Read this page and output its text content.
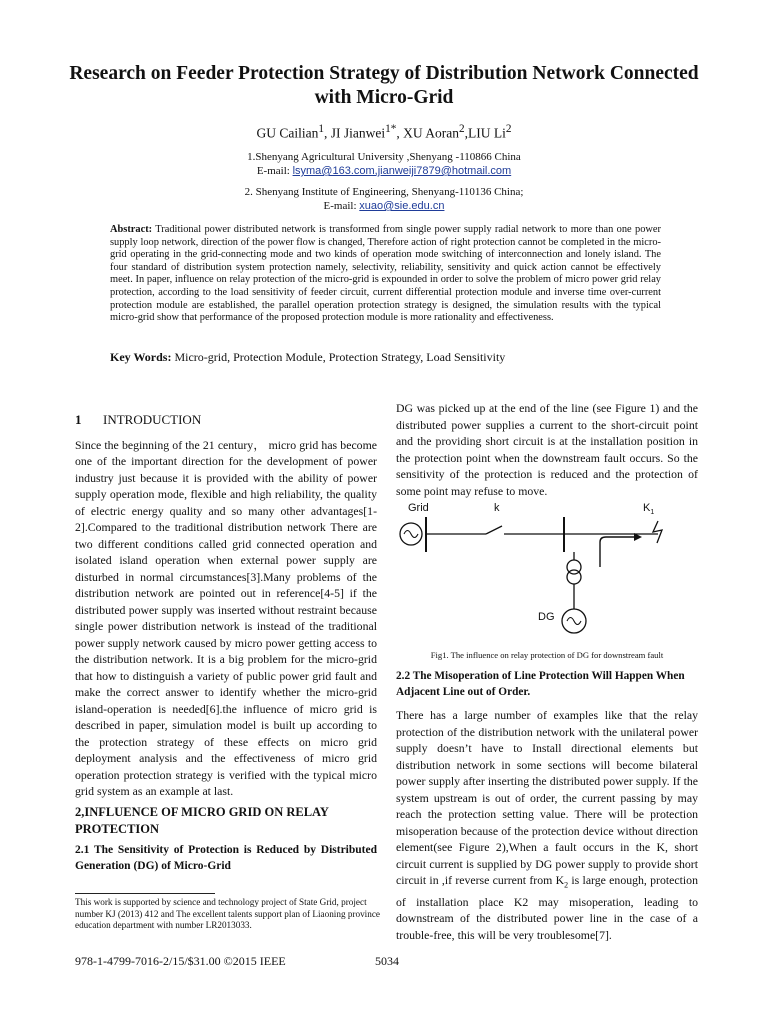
Research on Feeder Protection Strategy of Distribution Network Connected with Micro-Grid
GU Cailian$^1$, JI Jianwei$^{1*}$, XU Aoran$^2$,LIU Li$^2$
1.Shenyang Agricultural University ,Shenyang -110866 China
E-mail: lsyma@163.com,jianweiji7879@hotmail.com
2. Shenyang Institute of Engineering, Shenyang-110136 China;
E-mail: xuao@sie.edu.cn
Abstract: Traditional power distributed network is transformed from single power supply radial network to more than one power supply loop network, direction of the power flow is changed, Therefore action of right protection cannot be completed in the micro-grid operating in the grid-connecting mode and two kinds of operation mode switching of interconnection and lonely island. The four standard of distribution system protection namely, selectivity, reliability, sensitivity and quick action cannot be effectively meet. In paper, influence on relay protection of the micro-grid is expounded in order to solve the problem of micro power grid relay protection, according to the load sensitivity of feeder circuit, current differential protection module and inverse time over-current protection module are established, the parallel operation protection strategy is designed, the simulation results with the typical micro-grid show that performance of the proposed protection module is more rationality and effectiveness.
Key Words: Micro-grid, Protection Module, Protection Strategy, Load Sensitivity
1 INTRODUCTION

Since the beginning of the 21 century， micro grid has become one of the important direction for the development of power industry just because it is provided with the ability of power supply operation mode, flexible and high reliability, the quality of electric energy quality and so many other advantages[1-2].Compared to the traditional distribution network There are two different conditions called grid connected operation and isolated island operation when external power supply are disturbed in normal circumstances[3].Many problems of the distribution network are pointed out in reference[4-5] if the distributed power supply was inserted without restraint because single power distribution network is instead of the traditional power supply network caused by micro power getting access to the distribution network. It is a big problem for the micro-grid that how to distinguish a variety of public power grid fault and make the correct answer to identify whether the micro-grid island-operation is needed[6].the influence of micro grid is described in paper, simulation model is built up according to the protection strategy of these effects on micro grid deployment analysis and the effectiveness of micro grid operation protection strategy is verified with the typical micro grid system as an example at last.

2,INFLUENCE OF MICRO GRID ON RELAY PROTECTION
2.1 The Sensitivity of Protection is Reduced by Distributed Generation (DG) of Micro-Grid
This work is supported by science and technology project of State Grid, project number KJ (2013) 412 and The excellent talents support plan of Liaoning province education department with number LR2013033.

DG was picked up at the end of the line (see Figure 1) and the distributed power supplies a current to the short-circuit point and the providing short circuit is at the installation position in the protection point when the downstream fault occurs. So the sensitivity of the protection is reduced and the protection of some point may refuse to move.

Grid	k	$K_1$
DG
Fig1. The influence on relay protection of DG for downstream fault
2.2 The Misoperation of Line Protection Will Happen When Adjacent Line out of Order.
There has a large number of examples like that the relay protection of the distribution network with the unilateral power supply doesn’t have to Install directional elements but distribution network in some sections will become bilateral power supply after inserting the distributed power supply. If the system upstream is out of order, the current passing by may reach the protection setting value. There will be protection misoperation because of the protection device without direction element(see Figure 2),When a fault occurs in the K, short circuit current is supplied by DG power supply to provide short circuit in ,if reverse current from $K_2$ is large enough, protection of installation place K2 may misoperation, leading to downstream of the distributed power line in the case of a trouble-free, this will be very troublesome[7].
978-1-4799-7016-2/15/$31.00 ©2015 IEEE	5034
